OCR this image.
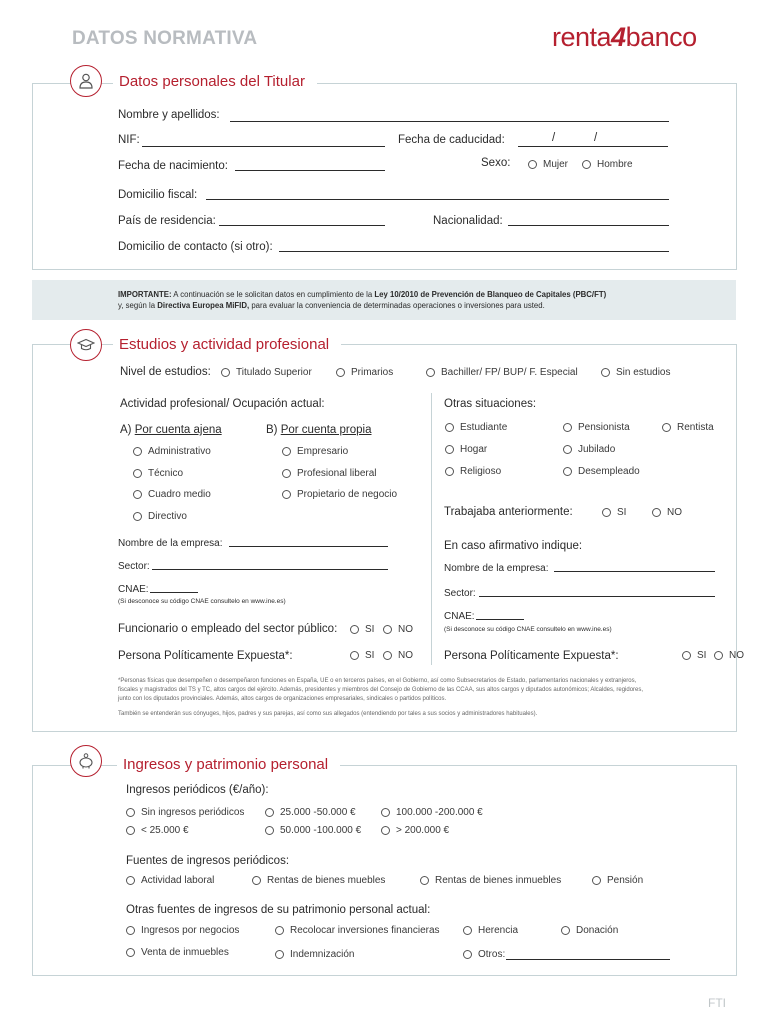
DATOS NORMATIVA	renta4banco
Datos personales del Titular
Nombre y apellidos:
NIF:	Fecha de caducidad:	/	/
Fecha de nacimiento:	Sexo:	Mujer	Hombre
Domicilio fiscal:
País de residencia:	Nacionalidad:
Domicilio de contacto (si otro):

IMPORTANTE: A continuación se le solicitan datos en cumplimiento de la Ley 10/2010 de Prevención de Blanqueo de Capitales (PBC/FT)
y, según la Directiva Europea MiFID, para evaluar la conveniencia de determinadas operaciones o inversiones para usted.

Estudios y actividad profesional
Nivel de estudios:	Titulado Superior	Primarios	Bachiller/ FP/ BUP/ F. Especial	Sin estudios
Actividad profesional/ Ocupación actual:
A) Por cuenta ajena	B) Por cuenta propia
Administrativo
Técnico
Cuadro medio
Directivo
Empresario
Profesional liberal
Propietario de negocio
Nombre de la empresa:
Sector:
CNAE:
(Si desconoce su código CNAE consultelo en www.ine.es)
Otras situaciones:
Estudiante	Pensionista	Rentista
Hogar	Jubilado
Religioso	Desempleado
Trabajaba anteriormente:	SI	NO
En caso afirmativo indique:
Nombre de la empresa:
Sector:
CNAE:
(Si desconoce su código CNAE consultelo en www.ine.es)
Funcionario o empleado del sector público:	SI NO
Persona Políticamente Expuesta*:	SI NO	Persona Políticamente Expuesta*:	SI NO
*Personas físicas que desempeñen o desempeñaron funciones en España, UE o en terceros países, en el Gobierno, así como Subsecretarios de Estado, parlamentarios nacionales y extranjeros,
fiscales y magistrados del TS y TC, altos cargos del ejército. Además, presidentes y miembros del Consejo de Gobierno de las CCAA, sus altos cargos y diputados autonómicos; Alcaldes, regidores,
junto con los diputados provinciales. Además, altos cargos de organizaciones empresariales, sindicales o partidos políticos.
También se entenderán sus cónyuges, hijos, padres y sus parejas, así como sus allegados (entendiendo por tales a sus socios y administradores habituales).
Ingresos y patrimonio personal
Ingresos periódicos (€/año):
Sin ingresos periódicos	25.000 -50.000 €	100.000 -200.000 €
< 25.000 €	50.000 -100.000 €	> 200.000 €
Fuentes de ingresos periódicos:
Actividad laboral	Rentas de bienes muebles	Rentas de bienes inmuebles	Pensión
Otras fuentes de ingresos de su patrimonio personal actual:
Ingresos por negocios	Recolocar inversiones financieras	Herencia	Donación
Venta de inmuebles	Indemnización	Otros:
FTI
